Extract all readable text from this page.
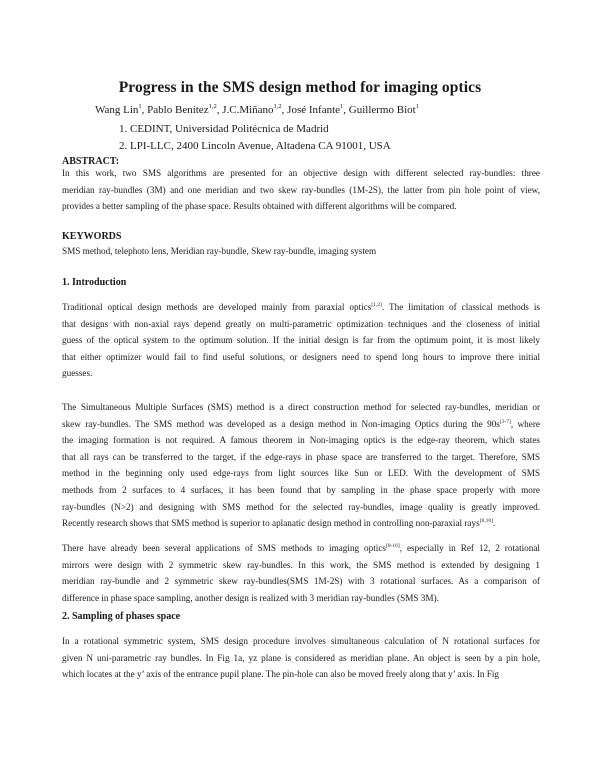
Progress in the SMS design method for imaging optics
Wang Lin$^1$, Pablo Benítez$^{1,2}$, J.C.Miñano$^{1,2}$, José Infante$^1$, Guillermo Biot$^1$
1. CEDINT, Universidad Politécnica de Madrid
2. LPI-LLC, 2400 Lincoln Avenue, Altadena CA 91001, USA
ABSTRACT:
In this work, two SMS algorithms are presented for an objective design with different selected ray-bundles: three
meridian ray-bundles (3M) and one meridian and two skew ray-bundles (1M-2S), the latter from pin hole point of view,
provides a better sampling of the phase space. Results obtained with different algorithms will be compared.
KEYWORDS
SMS method, telephoto lens, Meridian ray-bundle, Skew ray-bundle, imaging system
1. Introduction
Traditional optical design methods are developed mainly from paraxial optics[1,2]. The limitation of classical methods is
that designs with non-axial rays depend greatly on multi-parametric optimization techniques and the closeness of initial
guess of the optical system to the optimum solution. If the initial design is far from the optimum point, it is most likely
that either optimizer would fail to find useful solutions, or designers need to spend long hours to improve there initial
guesses.
The Simultaneous Multiple Surfaces (SMS) method is a direct construction method for selected ray-bundles, meridian or
skew ray-bundles. The SMS method was developed as a design method in Non-imaging Optics during the 90s[3-7], where
the imaging formation is not required. A famous theorem in Non-imaging optics is the edge-ray theorem, which states
that all rays can be transferred to the target, if the edge-rays in phase space are transferred to the target. Therefore, SMS
method in the beginning only used edge-rays from light sources like Sun or LED. With the development of SMS
methods from 2 surfaces to 4 surfaces, it has been found that by sampling in the phase space properly with more
ray-bundles (N>2) and designing with SMS method for the selected ray-bundles, image quality is greatly improved.
Recently research shows that SMS method is superior to aplanatic design method in controlling non-paraxial rays[8,10].
There have already been several applications of SMS methods to imaging optics[8-16], especially in Ref 12, 2 rotational
mirrors were design with 2 symmetric skew ray-bundles. In this work, the SMS method is extended by designing 1
meridian ray-bundle and 2 symmetric skew ray-bundles(SMS 1M-2S) with 3 rotational surfaces. As a comparison of
difference in phase space sampling, another design is realized with 3 meridian ray-bundles (SMS 3M).
2. Sampling of phases space
In a rotational symmetric system, SMS design procedure involves simultaneous calculation of N rotational surfaces for
given N uni-parametric ray bundles. In Fig 1a, yz plane is considered as meridian plane. An object is seen by a pin hole,
which locates at the y’ axis of the entrance pupil plane. The pin-hole can also be moved freely along that y’ axis. In Fig
